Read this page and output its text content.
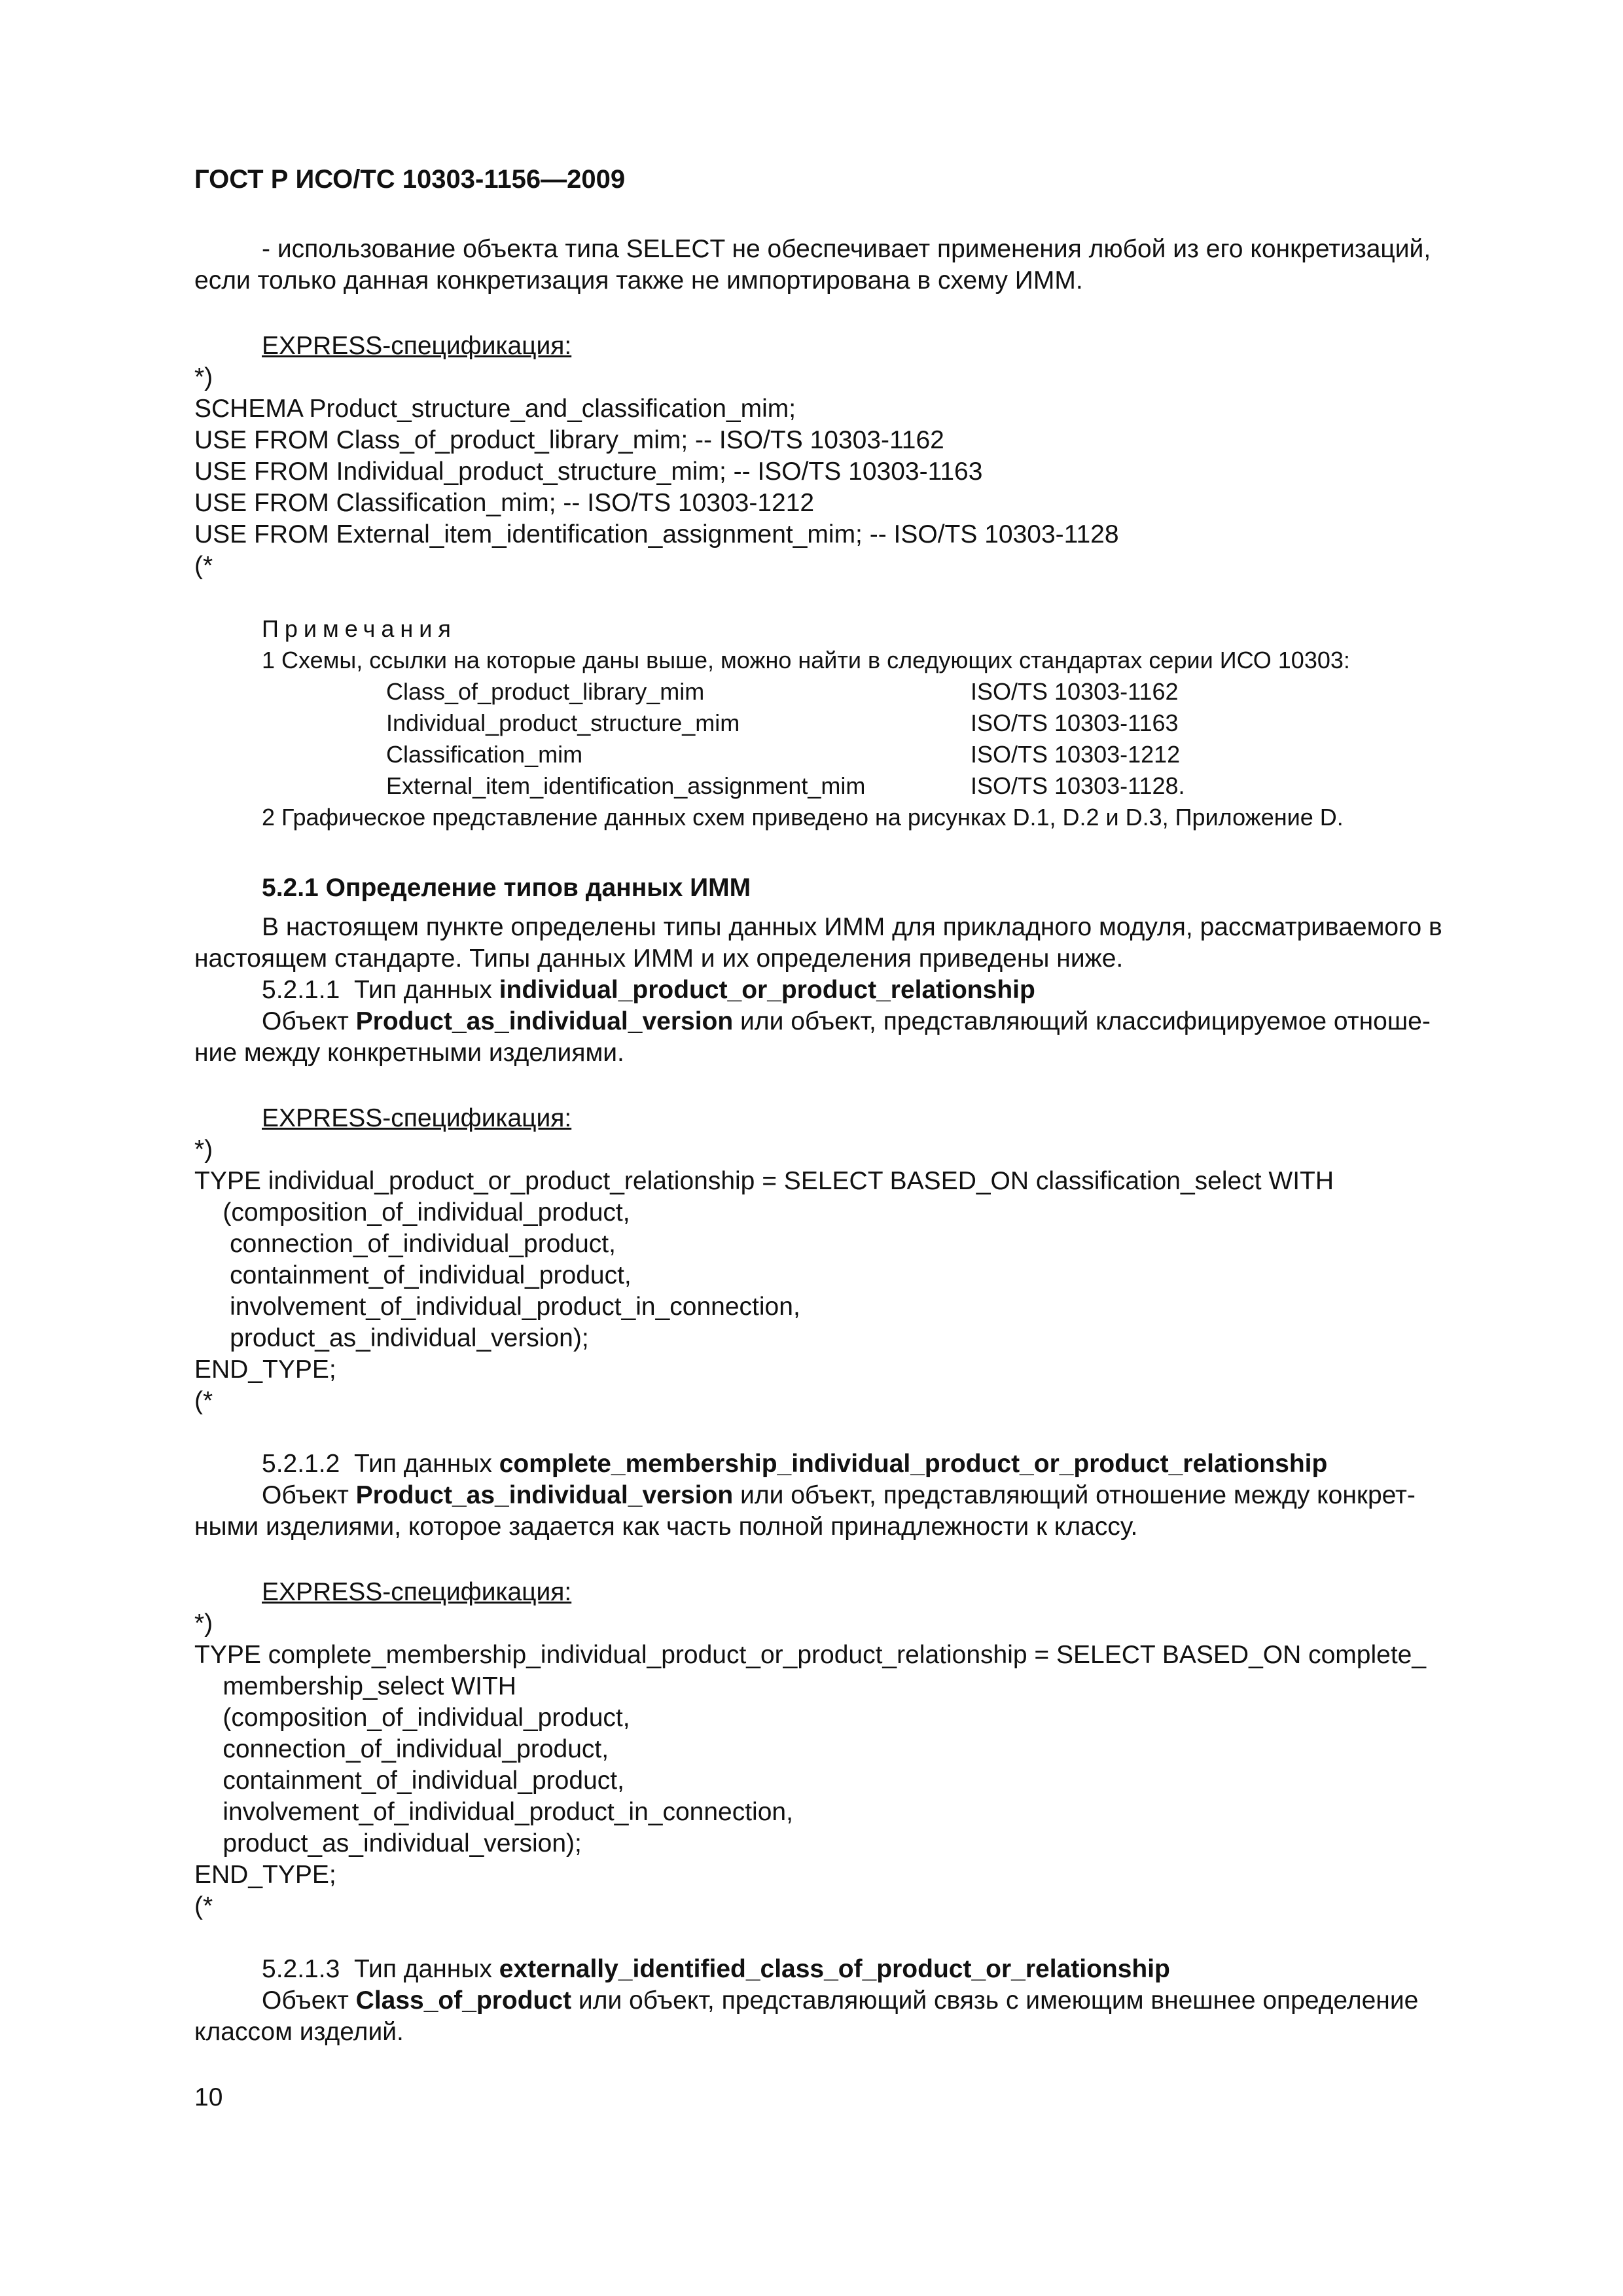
ГОСТ Р ИСО/ТС 10303-1156—2009
- использование объекта типа SELECT не обеспечивает применения любой из его конкретизаций,
если только данная конкретизация также не импортирована в схему ИММ.
EXPRESS-спецификация:
*)
SCHEMA Product_structure_and_classification_mim;
USE FROM Class_of_product_library_mim; -- ISO/TS 10303-1162
USE FROM Individual_product_structure_mim; -- ISO/TS 10303-1163
USE FROM Classification_mim; -- ISO/TS 10303-1212
USE FROM External_item_identification_assignment_mim; -- ISO/TS 10303-1128
(*
Примечания
1 Схемы, ссылки на которые даны выше, можно найти в следующих стандартах серии ИСО 10303:
Class_of_product_library_mim	ISO/TS 10303-1162
Individual_product_structure_mim	ISO/TS 10303-1163
Classification_mim	ISO/TS 10303-1212
External_item_identification_assignment_mim	ISO/TS 10303-1128.
2 Графическое представление данных схем приведено на рисунках D.1, D.2 и D.3, Приложение D.
5.2.1 Определение типов данных ИММ
В настоящем пункте определены типы данных ИММ для прикладного модуля, рассматриваемого в
настоящем стандарте. Типы данных ИММ и их определения приведены ниже.
5.2.1.1 Тип данных individual_product_or_product_relationship
Объект Product_as_individual_version или объект, представляющий классифицируемое отноше-
ние между конкретными изделиями.
EXPRESS-спецификация:
*)
TYPE individual_product_or_product_relationship = SELECT BASED_ON classification_select WITH
(composition_of_individual_product,
connection_of_individual_product,
containment_of_individual_product,
involvement_of_individual_product_in_connection,
product_as_individual_version);
END_TYPE;
(*
5.2.1.2 Тип данных complete_membership_individual_product_or_product_relationship
Объект Product_as_individual_version или объект, представляющий отношение между конкрет-
ными изделиями, которое задается как часть полной принадлежности к классу.
EXPRESS-спецификация:
*)
TYPE complete_membership_individual_product_or_product_relationship = SELECT BASED_ON complete_
membership_select WITH
(composition_of_individual_product,
connection_of_individual_product,
containment_of_individual_product,
involvement_of_individual_product_in_connection,
product_as_individual_version);
END_TYPE;
(*
5.2.1.3 Тип данных externally_identified_class_of_product_or_relationship
Объект Class_of_product или объект, представляющий связь с имеющим внешнее определение
классом изделий.
10
